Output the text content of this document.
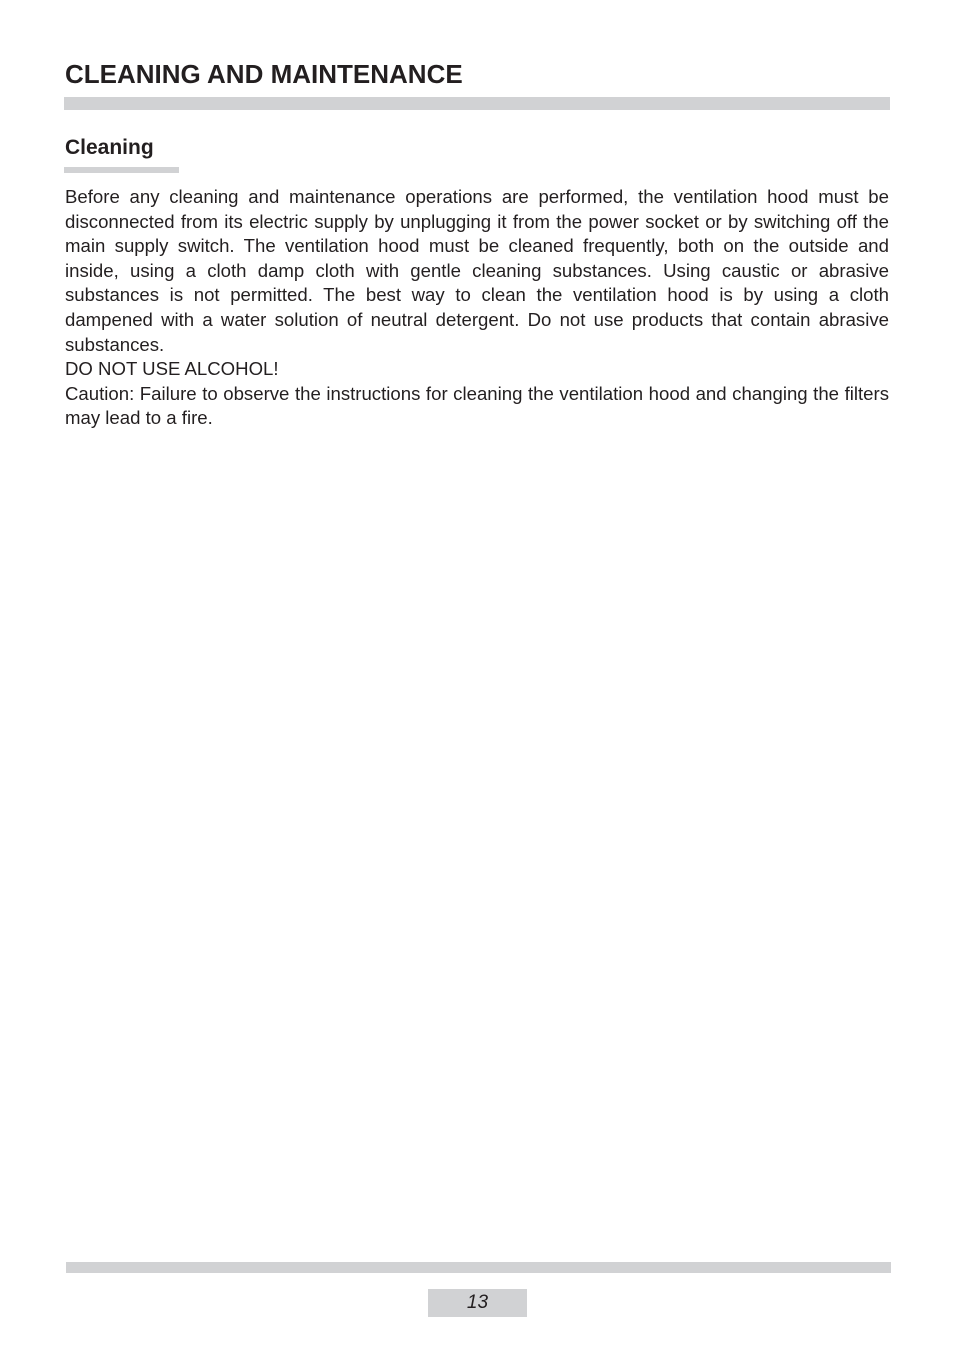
CLEANING AND MAINTENANCE
Cleaning

Before any cleaning and maintenance operations are performed, the ventilation hood must be disconnected from its electric supply by unplugging it from the power socket or by switching off the main supply switch. The ventilation hood must be cleaned frequently, both on the outside and inside, using a cloth damp cloth with gentle cleaning substances. Using caustic or abrasive substances is not permitted. The best way to clean the ventilation hood is by using a cloth dampened with a water solution of neutral detergent. Do not use products that contain abrasive substances.

DO NOT USE ALCOHOL!

Caution: Failure to observe the instructions for cleaning the ventilation hood and changing the filters may lead to a fire.

13
